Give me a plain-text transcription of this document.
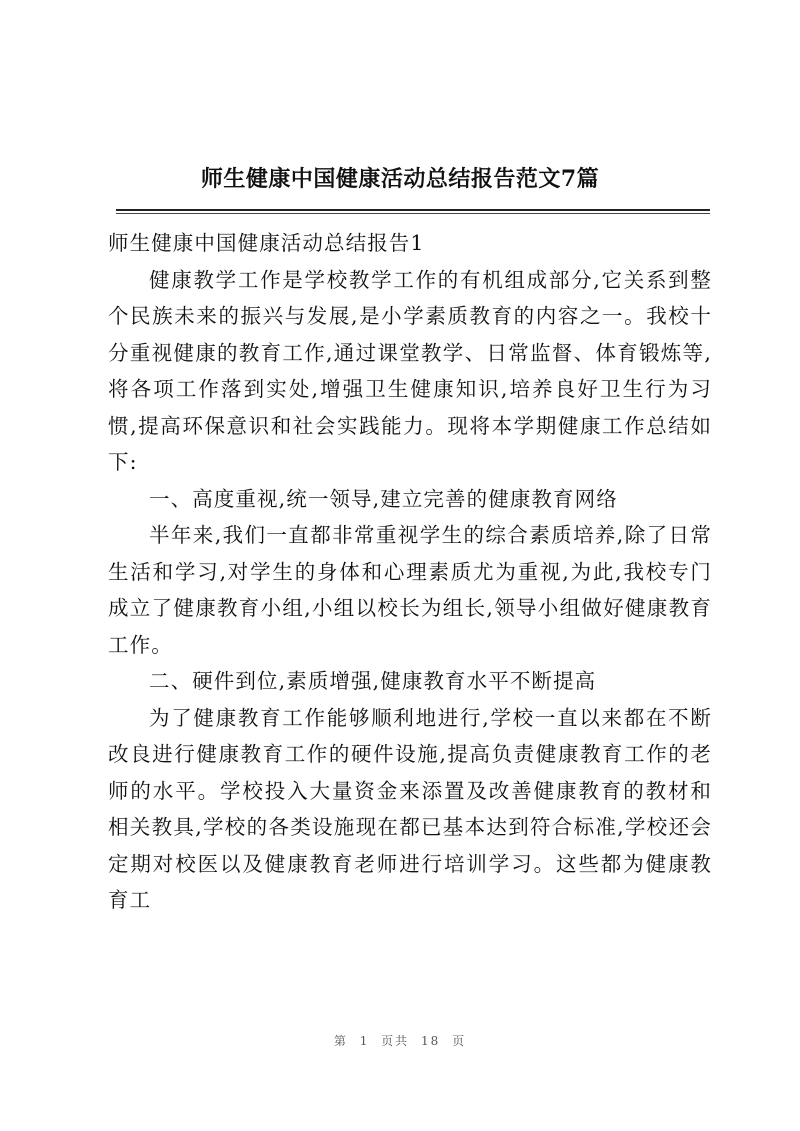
师生健康中国健康活动总结报告范文7篇

师生健康中国健康活动总结报告1

健康教学工作是学校教学工作的有机组成部分,它关系到整个民族未来的振兴与发展,是小学素质教育的内容之一。我校十分重视健康的教育工作,通过课堂教学、日常监督、体育锻炼等,将各项工作落到实处,增强卫生健康知识,培养良好卫生行为习惯,提高环保意识和社会实践能力。现将本学期健康工作总结如下:

一、高度重视,统一领导,建立完善的健康教育网络

半年来,我们一直都非常重视学生的综合素质培养,除了日常生活和学习,对学生的身体和心理素质尤为重视,为此,我校专门成立了健康教育小组,小组以校长为组长,领导小组做好健康教育工作。

二、硬件到位,素质增强,健康教育水平不断提高

为了健康教育工作能够顺利地进行,学校一直以来都在不断改良进行健康教育工作的硬件设施,提高负责健康教育工作的老师的水平。学校投入大量资金来添置及改善健康教育的教材和相关教具,学校的各类设施现在都已基本达到符合标准,学校还会定期对校医以及健康教育老师进行培训学习。这些都为健康教育工

第 1 页共 18 页
